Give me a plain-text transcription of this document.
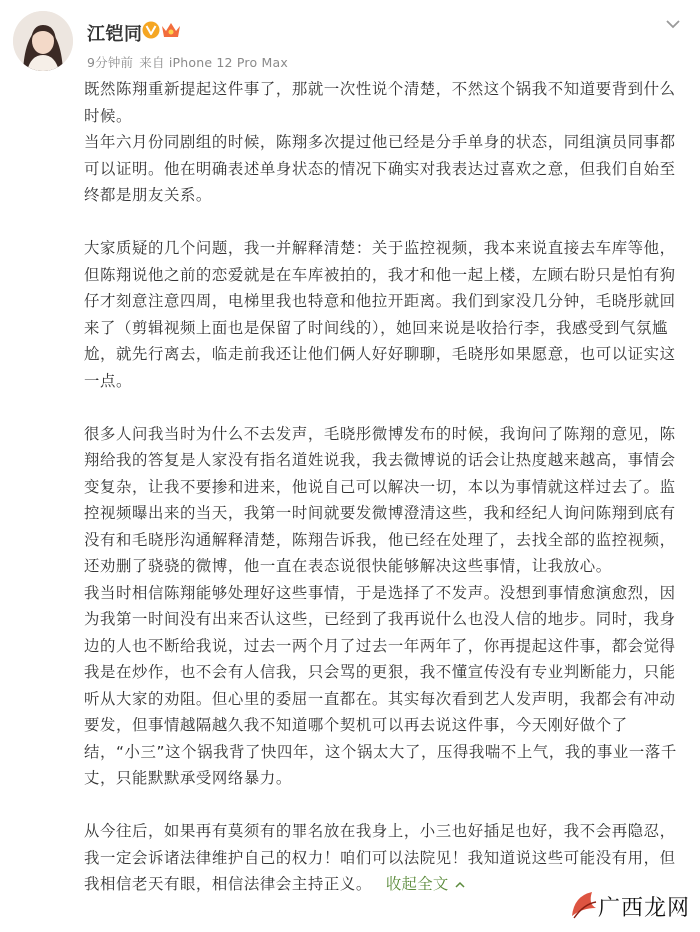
江铠同
9分钟前 来自 iPhone 12 Pro Max

既然陈翔重新提起这件事了，那就一次性说个清楚，不然这个锅我不知道要背到什么时候。

当年六月份同剧组的时候，陈翔多次提过他已经是分手单身的状态，同组演员同事都可以证明。他在明确表述单身状态的情况下确实对我表达过喜欢之意，但我们自始至终都是朋友关系。

大家质疑的几个问题，我一并解释清楚：关于监控视频，我本来说直接去车库等他，但陈翔说他之前的恋爱就是在车库被拍的，我才和他一起上楼，左顾右盼只是怕有狗仔才刻意注意四周，电梯里我也特意和他拉开距离。我们到家没几分钟，毛晓彤就回来了（剪辑视频上面也是保留了时间线的），她回来说是收拾行李，我感受到气氛尴尬，就先行离去，临走前我还让他们俩人好好聊聊，毛晓彤如果愿意，也可以证实这一点。

很多人问我当时为什么不去发声，毛晓彤微博发布的时候，我询问了陈翔的意见，陈翔给我的答复是人家没有指名道姓说我，我去微博说的话会让热度越来越高，事情会变复杂，让我不要掺和进来，他说自己可以解决一切，本以为事情就这样过去了。监控视频曝出来的当天，我第一时间就要发微博澄清这些，我和经纪人询问陈翔到底有没有和毛晓彤沟通解释清楚，陈翔告诉我，他已经在处理了，去找全部的监控视频，还劝删了骁骁的微博，他一直在表态说很快能够解决这些事情，让我放心。

我当时相信陈翔能够处理好这些事情，于是选择了不发声。没想到事情愈演愈烈，因为我第一时间没有出来否认这些，已经到了我再说什么也没人信的地步。同时，我身边的人也不断给我说，过去一两个月了过去一年两年了，你再提起这件事，都会觉得我是在炒作，也不会有人信我，只会骂的更狠，我不懂宣传没有专业判断能力，只能听从大家的劝阻。但心里的委屈一直都在。其实每次看到艺人发声明，我都会有冲动要发，但事情越隔越久我不知道哪个契机可以再去说这件事，今天刚好做个了结，“小三”这个锅我背了快四年，这个锅太大了，压得我喘不上气，我的事业一落千丈，只能默默承受网络暴力。

从今往后，如果再有莫须有的罪名放在我身上，小三也好插足也好，我不会再隐忍，我一定会诉诸法律维护自己的权力！咱们可以法院见！我知道说这些可能没有用，但我相信老天有眼，相信法律会主持正义。 收起全文

广西龙网
